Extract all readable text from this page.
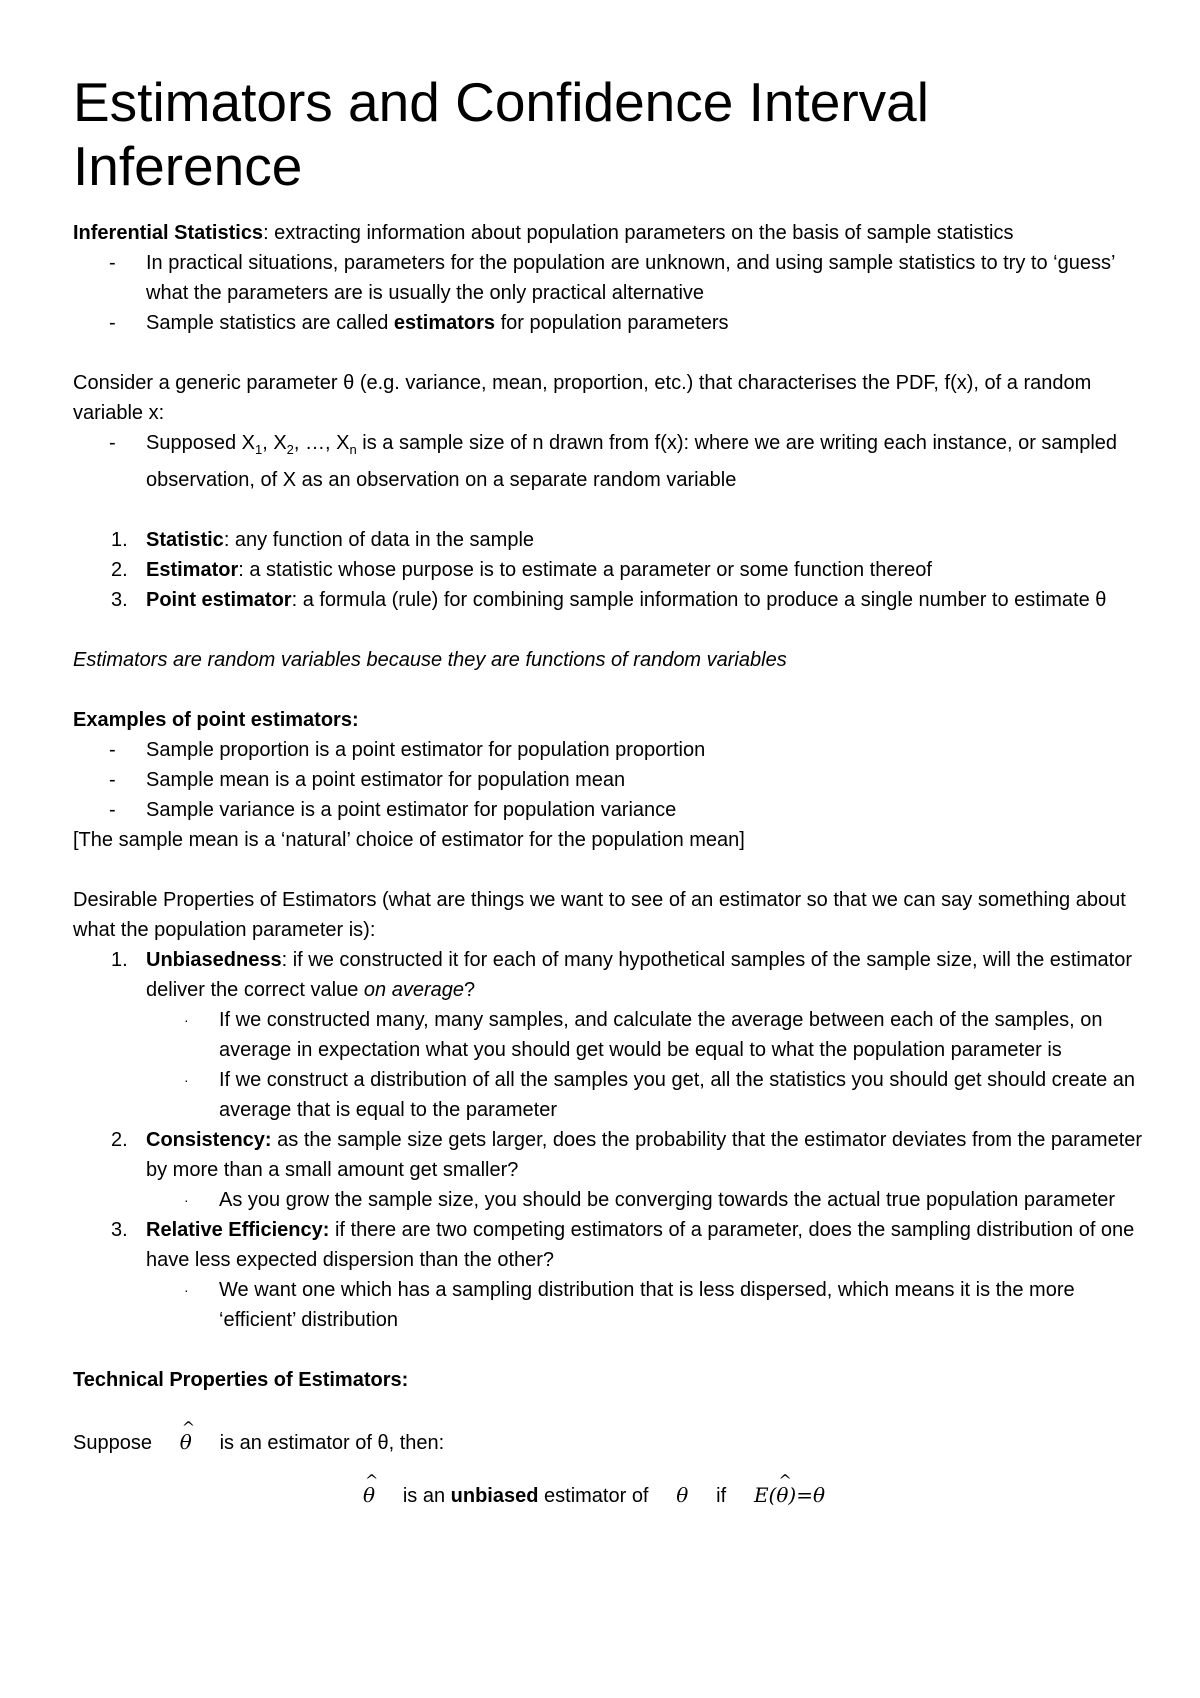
Estimators and Confidence Interval Inference

Inferential Statistics: extracting information about population parameters on the basis of sample statistics

- In practical situations, parameters for the population are unknown, and using sample statistics to try to ‘guess’ what the parameters are is usually the only practical alternative
- Sample statistics are called estimators for population parameters

Consider a generic parameter θ (e.g. variance, mean, proportion, etc.) that characterises the PDF, f(x), of a random variable x:

- Supposed $X_1$, $X_2$, …, $X_n$ is a sample size of n drawn from f(x): where we are writing each instance, or sampled observation, of X as an observation on a separate random variable
1. Statistic: any function of data in the sample
2. Estimator: a statistic whose purpose is to estimate a parameter or some function thereof
3. Point estimator: a formula (rule) for combining sample information to produce a single number to estimate θ

Estimators are random variables because they are functions of random variables

Examples of point estimators:

- Sample proportion is a point estimator for population proportion
- Sample mean is a point estimator for population mean
- Sample variance is a point estimator for population variance

[The sample mean is a ‘natural’ choice of estimator for the population mean]

Desirable Properties of Estimators (what are things we want to see of an estimator so that we can say something about what the population parameter is):

1. Unbiasedness: if we constructed it for each of many hypothetical samples of the sample size, will the estimator deliver the correct value on average?
· If we constructed many, many samples, and calculate the average between each of the samples, on average in expectation what you should get would be equal to what the population parameter is
· If we construct a distribution of all the samples you get, all the statistics you should get should create an average that is equal to the parameter
2. Consistency: as the sample size gets larger, does the probability that the estimator deviates from the parameter by more than a small amount get smaller?
· As you grow the sample size, you should be converging towards the actual true population parameter
3. Relative Efficiency: if there are two competing estimators of a parameter, does the sampling distribution of one have less expected dispersion than the other?
· We want one which has a sampling distribution that is less dispersed, which means it is the more ‘efficient’ distribution

Technical Properties of Estimators:

Suppose
^
θ is an estimator of θ, then:

^
θ is an unbiased estimator of θ if E(
^
θ)=θ
